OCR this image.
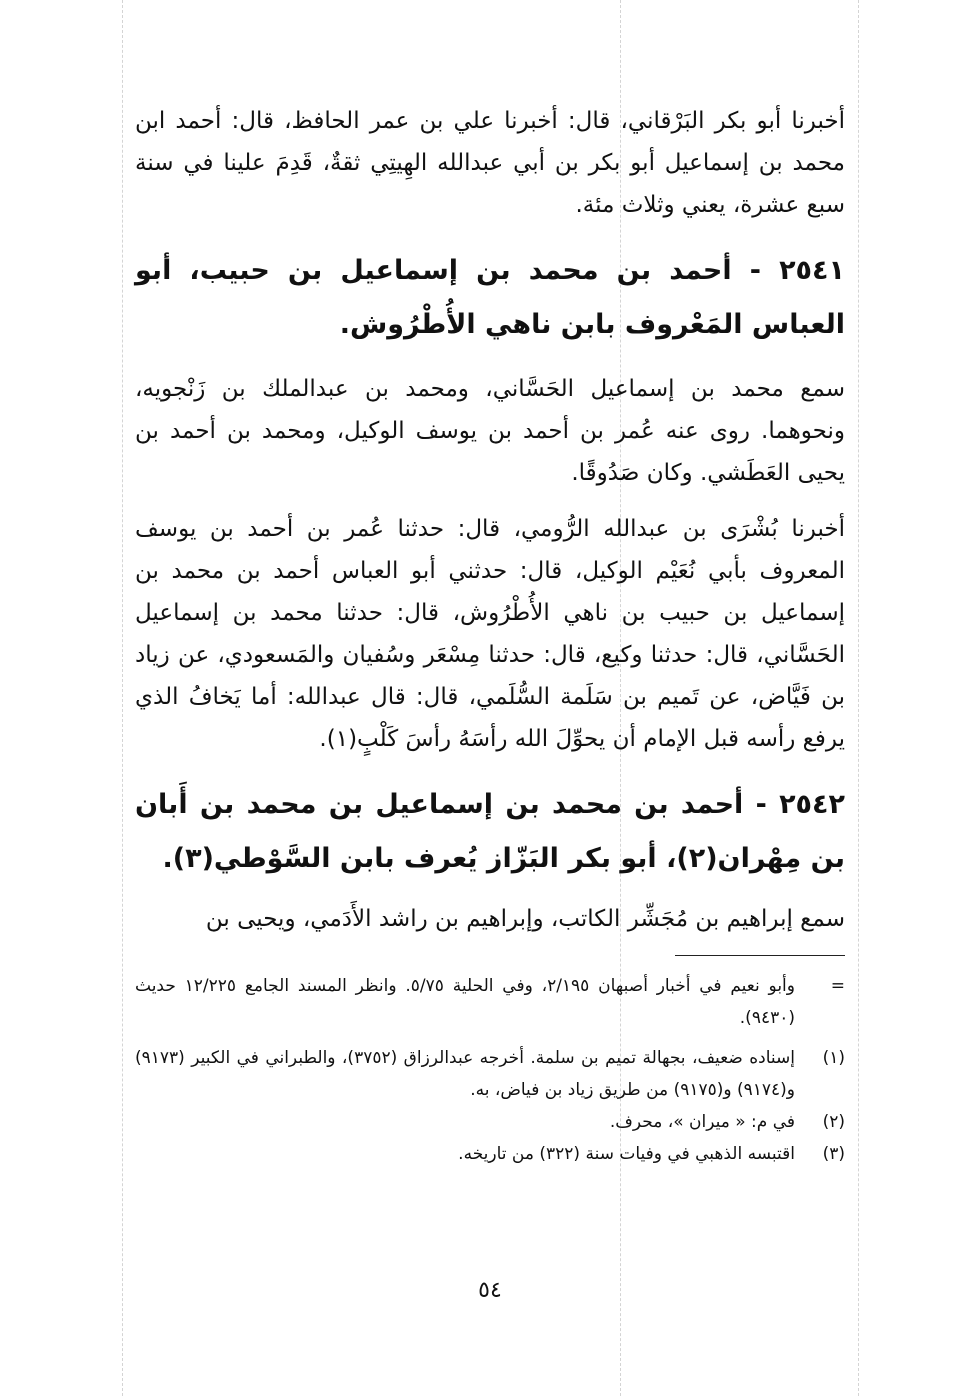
أخبرنا أبو بكر البَرْقاني، قال: أخبرنا علي بن عمر الحافظ، قال: أحمد ابن محمد بن إسماعيل أبو بكر بن أبي عبدالله الهِيتِي ثقةٌ، قَدِمَ علينا في سنة سبع عشرة، يعني وثلاث مئة.

٢٥٤١ - أحمد بن محمد بن إسماعيل بن حبيب، أبو العباس المَعْروف بابن ناهي الأُطْرُوش.

سمع محمد بن إسماعيل الحَسَّاني، ومحمد بن عبدالملك بن زَنْجويه، ونحوهما. روى عنه عُمر بن أحمد بن يوسف الوكيل، ومحمد بن أحمد بن يحيى العَطَشي. وكان صَدُوقًا.

أخبرنا بُشْرَى بن عبدالله الرُّومي، قال: حدثنا عُمر بن أحمد بن يوسف المعروف بأبي نُعَيْم الوكيل، قال: حدثني أبو العباس أحمد بن محمد بن إسماعيل بن حبيب بن ناهي الأُطْرُوش، قال: حدثنا محمد بن إسماعيل الحَسَّاني، قال: حدثنا وكيع، قال: حدثنا مِسْعَر وسُفيان والمَسعودي، عن زياد بن فَيَّاض، عن تَميم بن سَلَمة السُّلَمي، قال: قال عبدالله: أما يَخافُ الذي يرفع رأسه قبل الإمام أن يحوِّلَ الله رأسَهُ رأسَ كَلْبٍ(١).

٢٥٤٢ - أحمد بن محمد بن إسماعيل بن محمد بن أَبان بن مِهْران(٢)، أبو بكر البَزّاز يُعرف بابن السَّوْطي(٣).

سمع إبراهيم بن مُجَشِّر الكاتب، وإبراهيم بن راشد الأَدَمي، ويحيى بن

=
وأبو نعيم في أخبار أصبهان ٢/١٩٥، وفي الحلية ٥/٧٥. وانظر المسند الجامع ١٢/٢٢٥ حديث (٩٤٣٠).
(١)
إسناده ضعيف، بجهالة تميم بن سلمة. أخرجه عبدالرزاق (٣٧٥٢)، والطبراني في الكبير (٩١٧٣) و(٩١٧٤) و(٩١٧٥) من طريق زياد بن فياض، به.
(٢)
في م: « ميران »، محرف.
(٣)
اقتبسه الذهبي في وفيات سنة (٣٢٢) من تاريخه.
٥٤
